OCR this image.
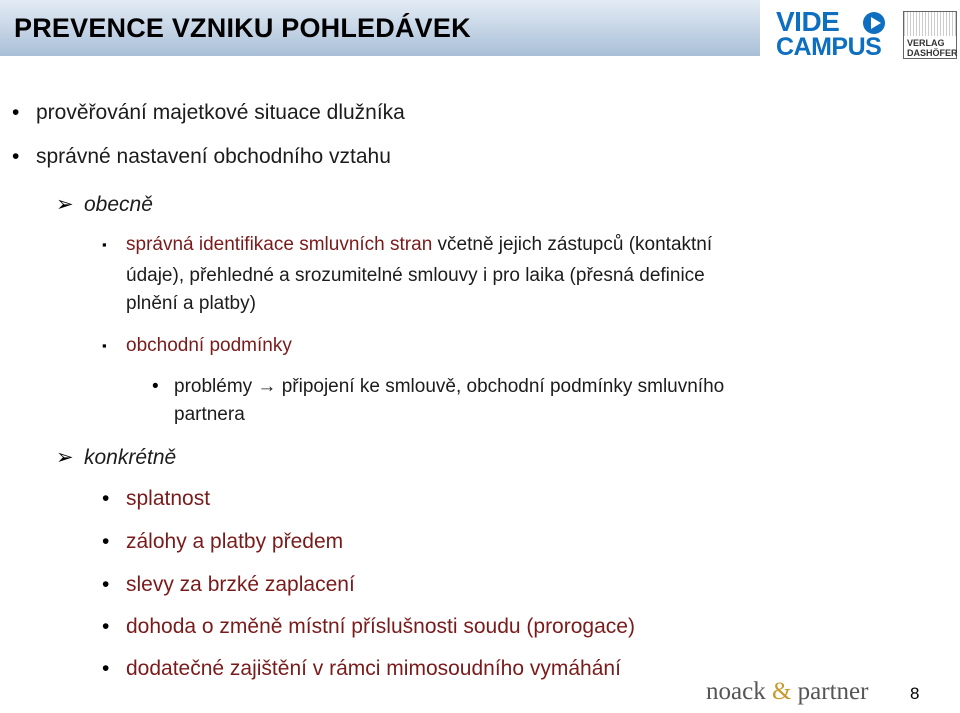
PREVENCE VZNIKU POHLEDÁVEK	VIDE
CAMPUS	VERLAG
DASHÖFER
• prověřování majetkové situace dlužníka
• správné nastavení obchodního vztahu
➢ obecně
▪ správná identifikace smluvních stran včetně jejich zástupců (kontaktní
údaje), přehledné a srozumitelné smlouvy i pro laika (přesná definice
plnění a platby)
▪ obchodní podmínky
• problémy → připojení ke smlouvě, obchodní podmínky smluvního
partnera
➢ konkrétně
• splatnost
• zálohy a platby předem
• slevy za brzké zaplacení
• dohoda o změně místní příslušnosti soudu (prorogace)
• dodatečné zajištění v rámci mimosoudního vymáhání
noack & partner 8
